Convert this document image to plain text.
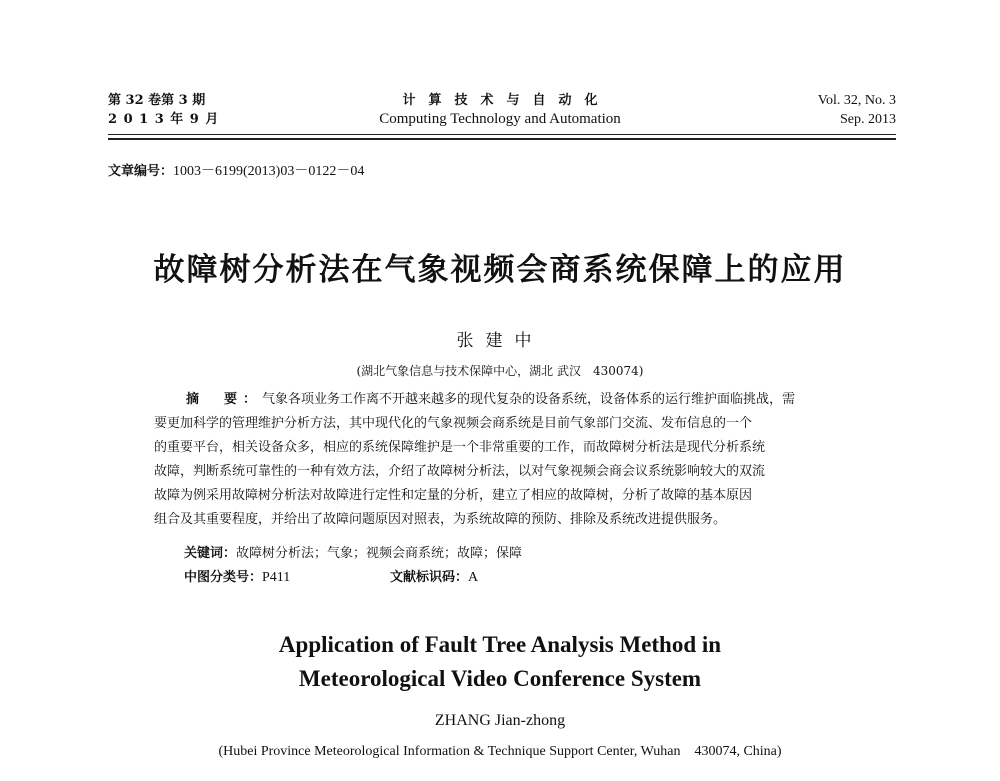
第 32 卷第 3 期
2 0 1 3 年 9 月
计　算　技　术　与　自　动　化
Computing Technology and Automation
Vol. 32, No. 3
Sep. 2013
文章编号：1003－6199(2013)03－0122－04
故障树分析法在气象视频会商系统保障上的应用
张建中
(湖北气象信息与技术保障中心，湖北 武汉　430074)
摘　要：气象各项业务工作离不开越来越多的现代复杂的设备系统，设备体系的运行维护面临挑战，需
要更加科学的管理维护分析方法，其中现代化的气象视频会商系统是目前气象部门交流、发布信息的一个
的重要平台，相关设备众多，相应的系统保障维护是一个非常重要的工作，而故障树分析法是现代分析系统
故障，判断系统可靠性的一种有效方法，介绍了故障树分析法，以对气象视频会商会议系统影响较大的双流
故障为例采用故障树分析法对故障进行定性和定量的分析，建立了相应的故障树，分析了故障的基本原因
组合及其重要程度，并给出了故障问题原因对照表，为系统故障的预防、排除及系统改进提供服务。
关键词：故障树分析法；气象；视频会商系统；故障；保障
中图分类号：P411	文献标识码：A
Application of Fault Tree Analysis Method in
Meteorological Video Conference System
ZHANG Jian-zhong
(Hubei Province Meteorological Information & Technique Support Center, Wuhan　430074, China)
